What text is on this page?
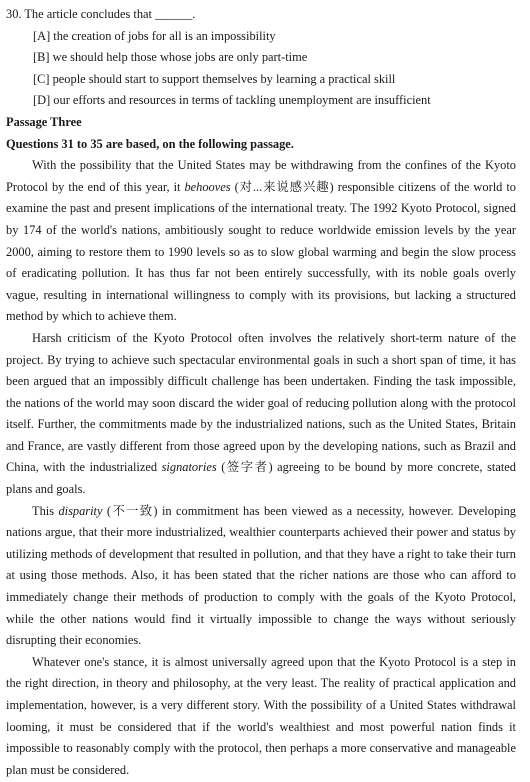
30. The article concludes that ______.
[A] the creation of jobs for all is an impossibility
[B] we should help those whose jobs are only part-time
[C] people should start to support themselves by learning a practical skill
[D] our efforts and resources in terms of tackling unemployment are insufficient
Passage Three
Questions 31 to 35 are based, on the following passage.

With the possibility that the United States may be withdrawing from the confines of the Kyoto Protocol by the end of this year, it behooves (对...来说感兴趣) responsible citizens of the world to examine the past and present implications of the international treaty. The 1992 Kyoto Protocol, signed by 174 of the world's nations, ambitiously sought to reduce worldwide emission levels by the year 2000, aiming to restore them to 1990 levels so as to slow global warming and begin the slow process of eradicating pollution. It has thus far not been entirely successfully, with its noble goals overly vague, resulting in international willingness to comply with its provisions, but lacking a structured method by which to achieve them.

Harsh criticism of the Kyoto Protocol often involves the relatively short-term nature of the project. By trying to achieve such spectacular environmental goals in such a short span of time, it has been argued that an impossibly difficult challenge has been undertaken. Finding the task impossible, the nations of the world may soon discard the wider goal of reducing pollution along with the protocol itself. Further, the commitments made by the industrialized nations, such as the United States, Britain and France, are vastly different from those agreed upon by the developing nations, such as Brazil and China, with the industrialized signatories (签字者) agreeing to be bound by more concrete, stated plans and goals.

This disparity (不一致) in commitment has been viewed as a necessity, however. Developing nations argue, that their more industrialized, wealthier counterparts achieved their power and status by utilizing methods of development that resulted in pollution, and that they have a right to take their turn at using those methods. Also, it has been stated that the richer nations are those who can afford to immediately change their methods of production to comply with the goals of the Kyoto Protocol, while the other nations would find it virtually impossible to change the ways without seriously disrupting their economies.

Whatever one's stance, it is almost universally agreed upon that the Kyoto Protocol is a step in the right direction, in theory and philosophy, at the very least. The reality of practical application and implementation, however, is a very different story. With the possibility of a United States withdrawal looming, it must be considered that if the world's wealthiest and most powerful nation finds it impossible to reasonably comply with the protocol, then perhaps a more conservative and manageable plan must be considered.
